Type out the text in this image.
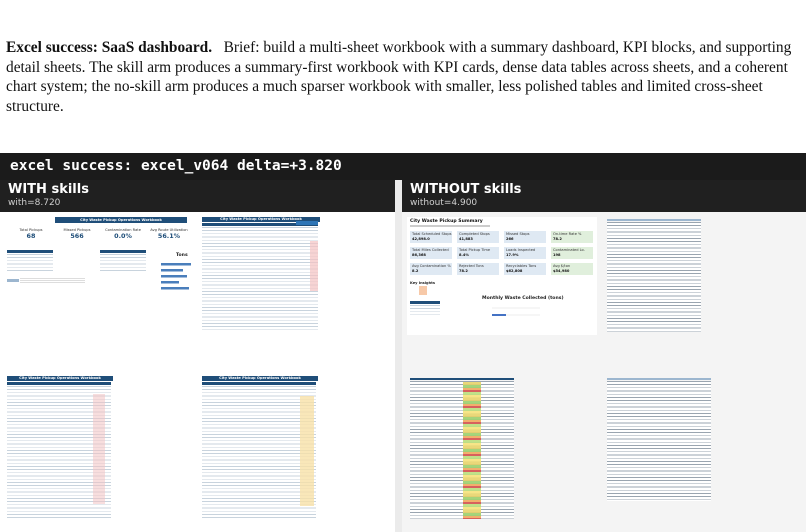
Excel success: SaaS dashboard. Brief: build a multi-sheet workbook with a summary dashboard, KPI blocks, and supporting detail sheets. The skill arm produces a summary-first workbook with KPI cards, dense data tables across sheets, and a coherent chart system; the no-skill arm produces a much sparser workbook with smaller, less polished tables and limited cross-sheet structure.
excel success: excel_v064 delta=+3.820
WITH skills
with=8.720
City Waste Pickup Operations Workbook
Total Pickups
68
Missed Pickups
566
Contamination Rate
0.0%
Avg Route Utilization
56.1%
Tons
City Waste Pickup Operations Workbook
City Waste Pickup Operations Workbook	City Waste Pickup Operations Workbook
WITHOUT skills
without=4.900
City Waste Pickup Summary
Total Scheduled Stops
42,898.0
Completed Stops
41,883
Missed Stops
266
On-time Rate %
78.2
Total Miles Collected
86,368
Total Pickup Time
8.4%
Loads Inspected
17.9%
Contaminated Lo.
198
Avg Contamination %
8.2
Rejected Tons
78.2
Recyclables Tons
$62,808
Avg $/ton
$54,980
Key Insights
Monthly Waste Collected (tons)
